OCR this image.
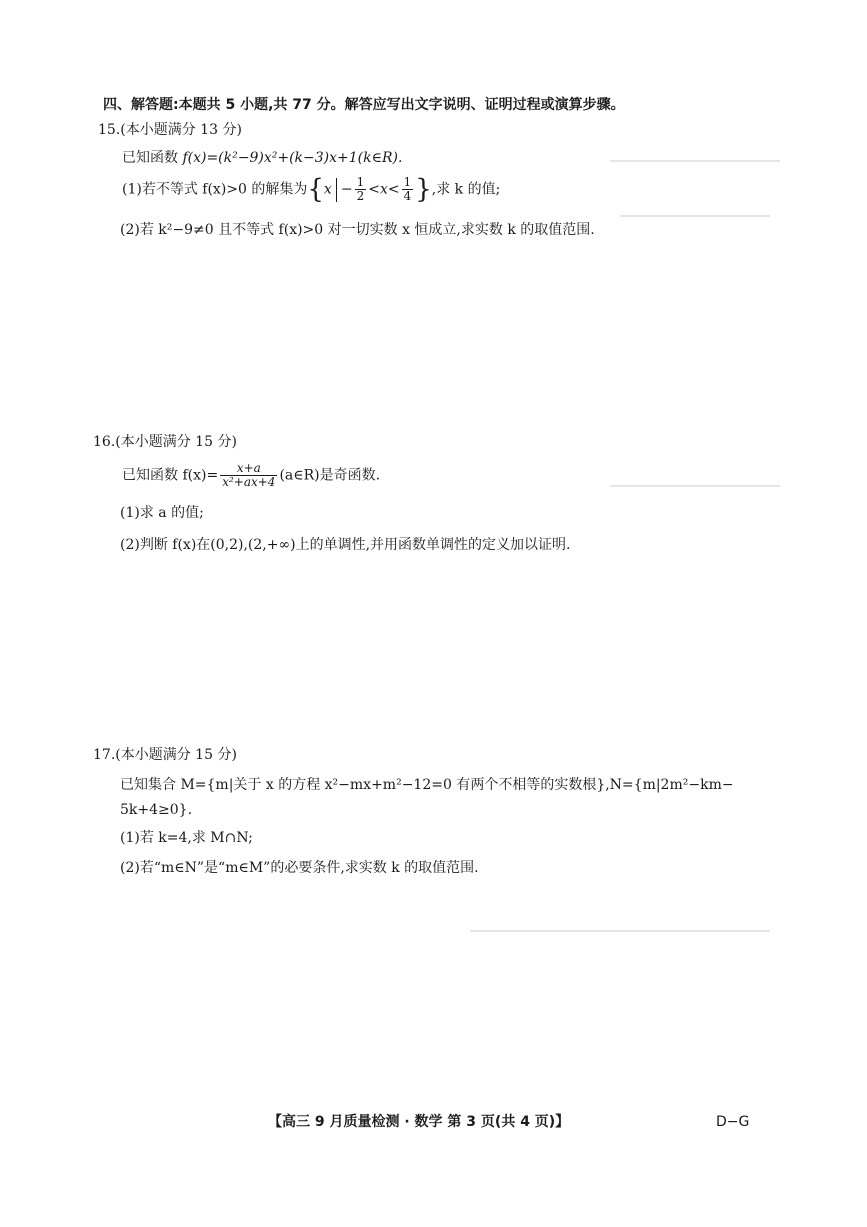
四、解答题:本题共 5 小题,共 77 分。解答应写出文字说明、证明过程或演算步骤。
15.(本小题满分 13 分)
已知函数 f(x)=(k²−9)x²+(k−3)x+1(k∈R).
(1)若不等式 f(x)>0 的解集为{$x - \frac{1}{2} <x< \frac{1}{4}$ },求 k 的值;
(2)若 k²−9≠0 且不等式 f(x)>0 对一切实数 x 恒成立,求实数 k 的取值范围.
16.(本小题满分 15 分)
已知函数 $f(x)= \frac{x+a}{\text{x²+ax+4}}$ (a∈R)是奇函数.
(1)求 a 的值;
(2)判断 f(x)在(0,2),(2,+∞)上的单调性,并用函数单调性的定义加以证明.
17.(本小题满分 15 分)
已知集合 M={m|关于 x 的方程 x²−mx+m²−12=0 有两个不相等的实数根},N={m|2m²−km−
5k+4≥0}.
(1)若 k=4,求 M∩N;
(2)若“m∈N”是“m∈M”的必要条件,求实数 k 的取值范围.
【高三 9 月质量检测 · 数学 第 3 页(共 4 页)】	D−G
